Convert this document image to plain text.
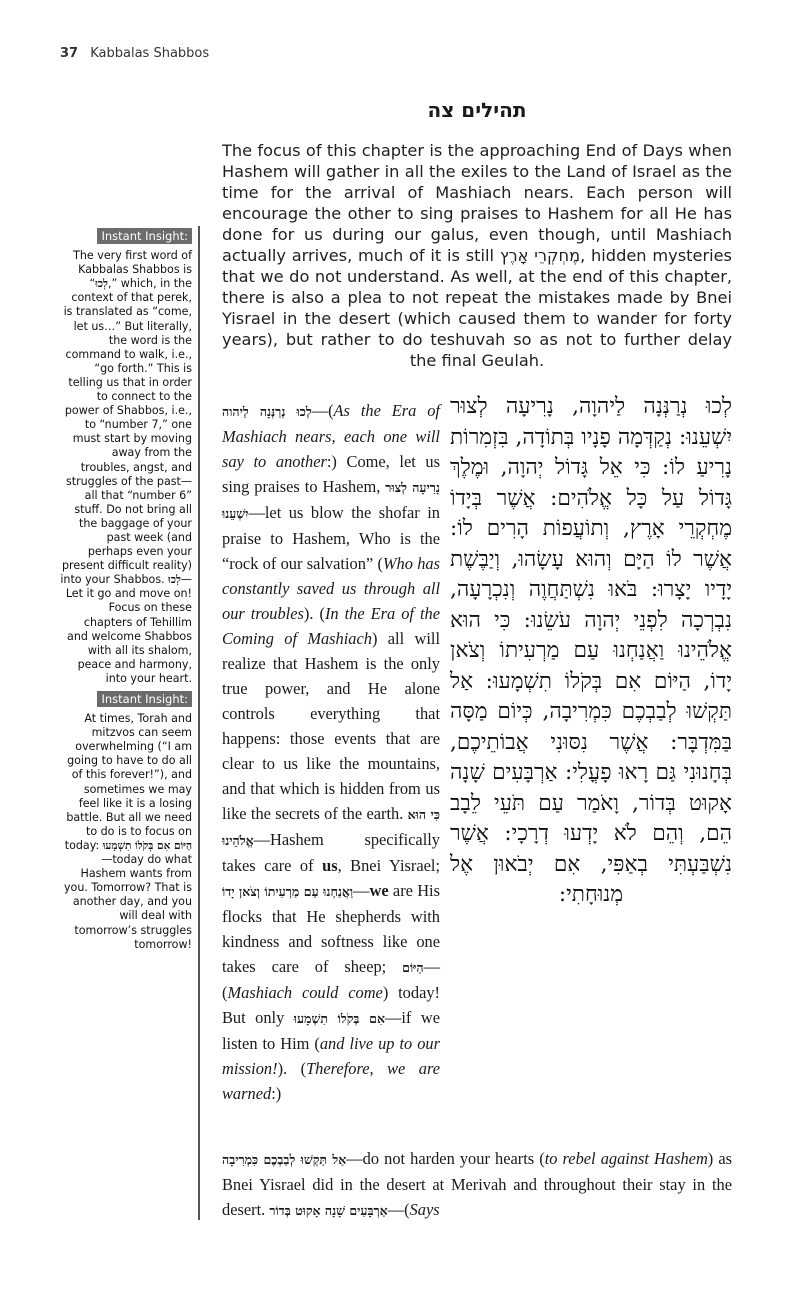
37 Kabbalas Shabbos
תהילים צה
The focus of this chapter is the approaching End of Days when Hashem will gather in all the exiles to the Land of Israel as the time for the arrival of Mashiach nears. Each person will encourage the other to sing praises to Hashem for all He has done for us during our galus, even though, until Mashiach actually arrives, much of it is still מֶחְקְרֵי אָרֶץ, hidden mysteries that we do not understand. As well, at the end of this chapter, there is also a plea to not repeat the mistakes made by Bnei Yisrael in the desert (which caused them to wander for forty years), but rather to do teshuvah so as not to further delay the final Geulah.
Instant Insight:
The very first word of Kabbalas Shabbos is “לְכוּ,” which, in the context of that perek, is translated as “come, let us…” But literally, the word is the command to walk, i.e., “go forth.” This is telling us that in order to connect to the power of Shabbos, i.e., to “number 7,” one must start by moving away from the troubles, angst, and struggles of the past—all that “number 6” stuff. Do not bring all the baggage of your past week (and perhaps even your present difficult reality) into your Shabbos. לְכוּ—Let it go and move on! Focus on these chapters of Tehillim and welcome Shabbos with all its shalom, peace and harmony, into your heart.
Instant Insight:
At times, Torah and mitzvos can seem overwhelming (“I am going to have to do all of this forever!”), and sometimes we may feel like it is a losing battle. But all we need to do is to focus on today: הַיּוֹם אִם בְּקֹלוֹ תִשְׁמָעוּ—today do what Hashem wants from you. Tomorrow? That is another day, and you will deal with tomorrow’s struggles tomorrow!
לְכוּ נְרַנְּנָה לַיהוָה, נָרִיעָה לְצוּר יִשְׁעֵנוּ: נְקַדְּמָה פָנָיו בְּתוֹדָה, בִּזְמִרוֹת נָרִיעַ לוֹ: כִּי אֵל גָּדוֹל יְהוָה, וּמֶלֶךְ גָּדוֹל עַל כָּל אֱלֹהִים: אֲשֶׁר בְּיָדוֹ מֶחְקְרֵי אָרֶץ, וְתוֹעֲפוֹת הָרִים לוֹ: אֲשֶׁר לוֹ הַיָּם וְהוּא עָשָׂהוּ, וְיַבֶּשֶׁת יָדָיו יָצָרוּ: בֹּאוּ נִשְׁתַּחֲוֶה וְנִכְרָעָה, נִבְרְכָה לִפְנֵי יְהוָה עֹשֵׂנוּ: כִּי הוּא אֱלֹהֵינוּ וַאֲנַחְנוּ עַם מַרְעִיתוֹ וְצֹאן יָדוֹ, הַיּוֹם אִם בְּקֹלוֹ תִשְׁמָעוּ: אַל תַּקְשׁוּ לְבַבְכֶם כִּמְרִיבָה, כְּיוֹם מַסָּה בַּמִּדְבָּר: אֲשֶׁר נִסּוּנִי אֲבוֹתֵיכֶם, בְּחָנוּנִי גַּם רָאוּ פָעֳלִי: אַרְבָּעִים שָׁנָה אָקוּט בְּדוֹר, וָאֹמַר עַם תֹּעֵי לֵבָב הֵם, וְהֵם לֹא יָדְעוּ דְרָכָי: אֲשֶׁר נִשְׁבַּעְתִּי בְאַפִּי, אִם יְבֹאוּן אֶל מְנוּחָתִי:
לְכוּ נְרַנְּנָה לַיהוה—(As the Era of Mashiach nears, each one will say to another:) Come, let us sing praises to Hashem, נָרִיעָה לְצוּר יִשְׁעֵנוּ—let us blow the shofar in praise to Hashem, Who is the “rock of our salvation” (Who has constantly saved us through all our troubles). (In the Era of the Coming of Mashiach) all will realize that Hashem is the only true power, and He alone controls everything that happens: those events that are clear to us like the mountains, and that which is hidden from us like the secrets of the earth. כִּי הוּא אֱלֹהֵינוּ—Hashem specifically takes care of us, Bnei Yisrael; וַאֲנַחְנוּ עַם מַרְעִיתוֹ וְצֹאן יָדוֹ—we are His flocks that He shepherds with kindness and softness like one takes care of sheep; הַיּוֹם—(Mashiach could come) today! But only אִם בְּקֹלוֹ תִשְׁמָעוּ—if we listen to Him (and live up to our mission!). (Therefore, we are warned:)
אַל תַּקְשׁוּ לְבַבְכֶם כִּמְרִיבָה—do not harden your hearts (to rebel against Hashem) as Bnei Yisrael did in the desert at Merivah and throughout their stay in the desert. אַרְבָּעִים שָׁנָה אָקוּט בְּדוֹר—(Says
